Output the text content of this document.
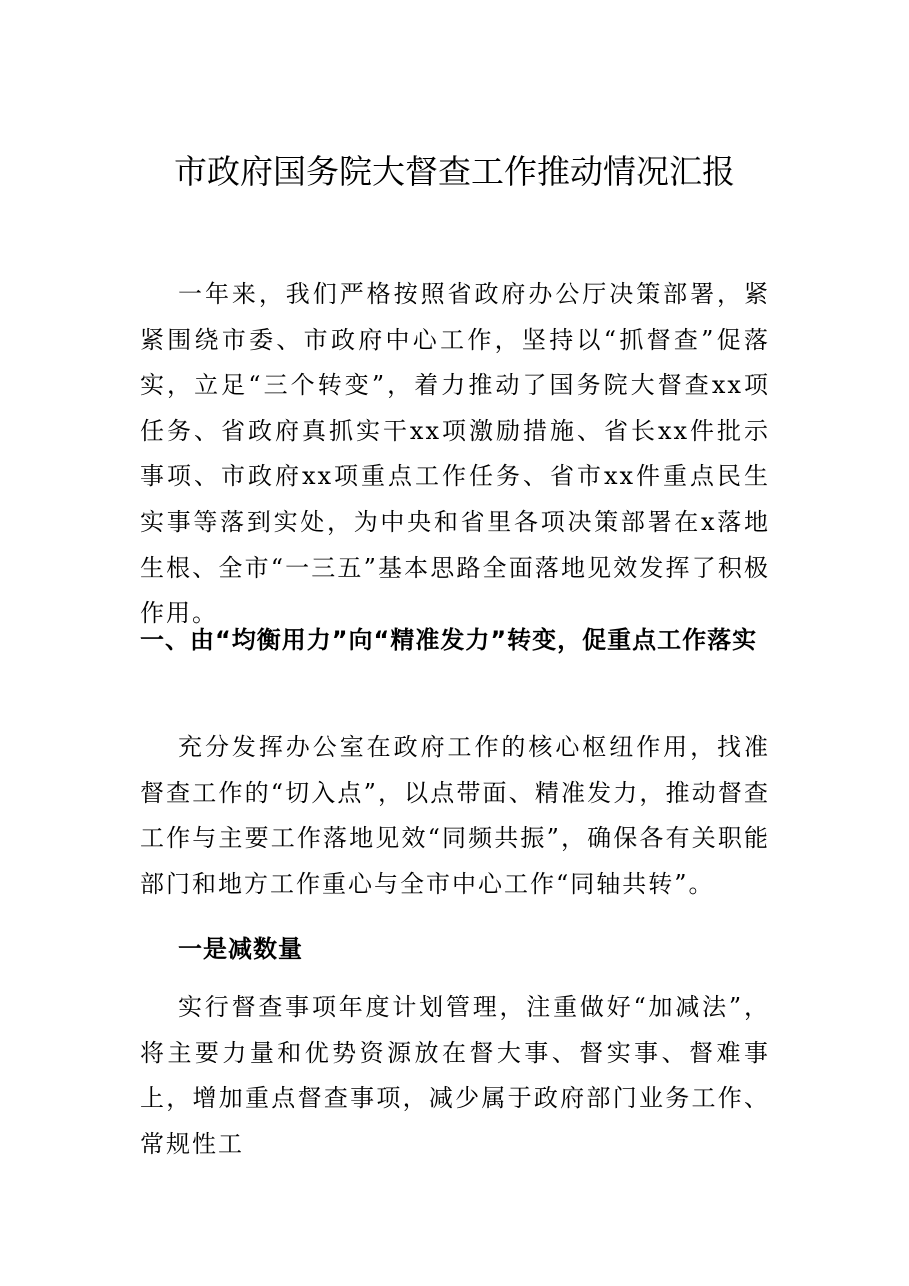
市政府国务院大督查工作推动情况汇报

一年来，我们严格按照省政府办公厅决策部署，紧紧围绕市委、市政府中心工作，坚持以“抓督查”促落实，立足“三个转变”，着力推动了国务院大督查xx项任务、省政府真抓实干xx项激励措施、省长xx件批示事项、市政府xx项重点工作任务、省市xx件重点民生实事等落到实处，为中央和省里各项决策部署在x落地生根、全市“一三五”基本思路全面落地见效发挥了积极作用。

一、由“均衡用力”向“精准发力”转变，促重点工作落实

充分发挥办公室在政府工作的核心枢纽作用，找准督查工作的“切入点”，以点带面、精准发力，推动督查工作与主要工作落地见效“同频共振”，确保各有关职能部门和地方工作重心与全市中心工作“同轴共转”。

一是减数量

实行督查事项年度计划管理，注重做好“加减法”，将主要力量和优势资源放在督大事、督实事、督难事上，增加重点督查事项，减少属于政府部门业务工作、常规性工
